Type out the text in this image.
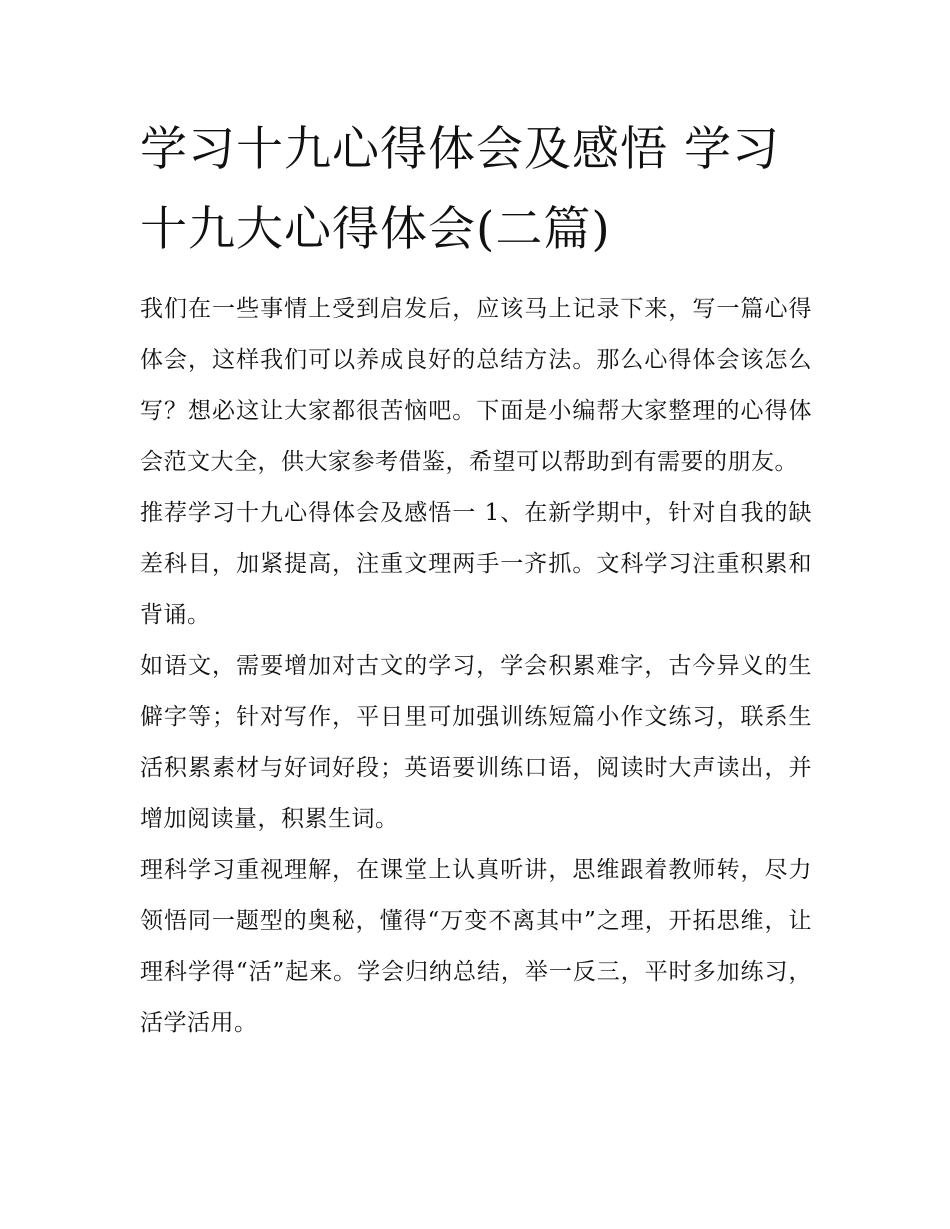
学习十九心得体会及感悟 学习十九大心得体会(二篇)

我们在一些事情上受到启发后，应该马上记录下来，写一篇心得体会，这样我们可以养成良好的总结方法。那么心得体会该怎么写？想必这让大家都很苦恼吧。下面是小编帮大家整理的心得体会范文大全，供大家参考借鉴，希望可以帮助到有需要的朋友。

推荐学习十九心得体会及感悟一 1、在新学期中，针对自我的缺差科目，加紧提高，注重文理两手一齐抓。文科学习注重积累和背诵。

如语文，需要增加对古文的学习，学会积累难字，古今异义的生僻字等；针对写作，平日里可加强训练短篇小作文练习，联系生活积累素材与好词好段；英语要训练口语，阅读时大声读出，并增加阅读量，积累生词。

理科学习重视理解，在课堂上认真听讲，思维跟着教师转，尽力领悟同一题型的奥秘，懂得“万变不离其中”之理，开拓思维，让理科学得“活”起来。学会归纳总结，举一反三，平时多加练习，活学活用。
